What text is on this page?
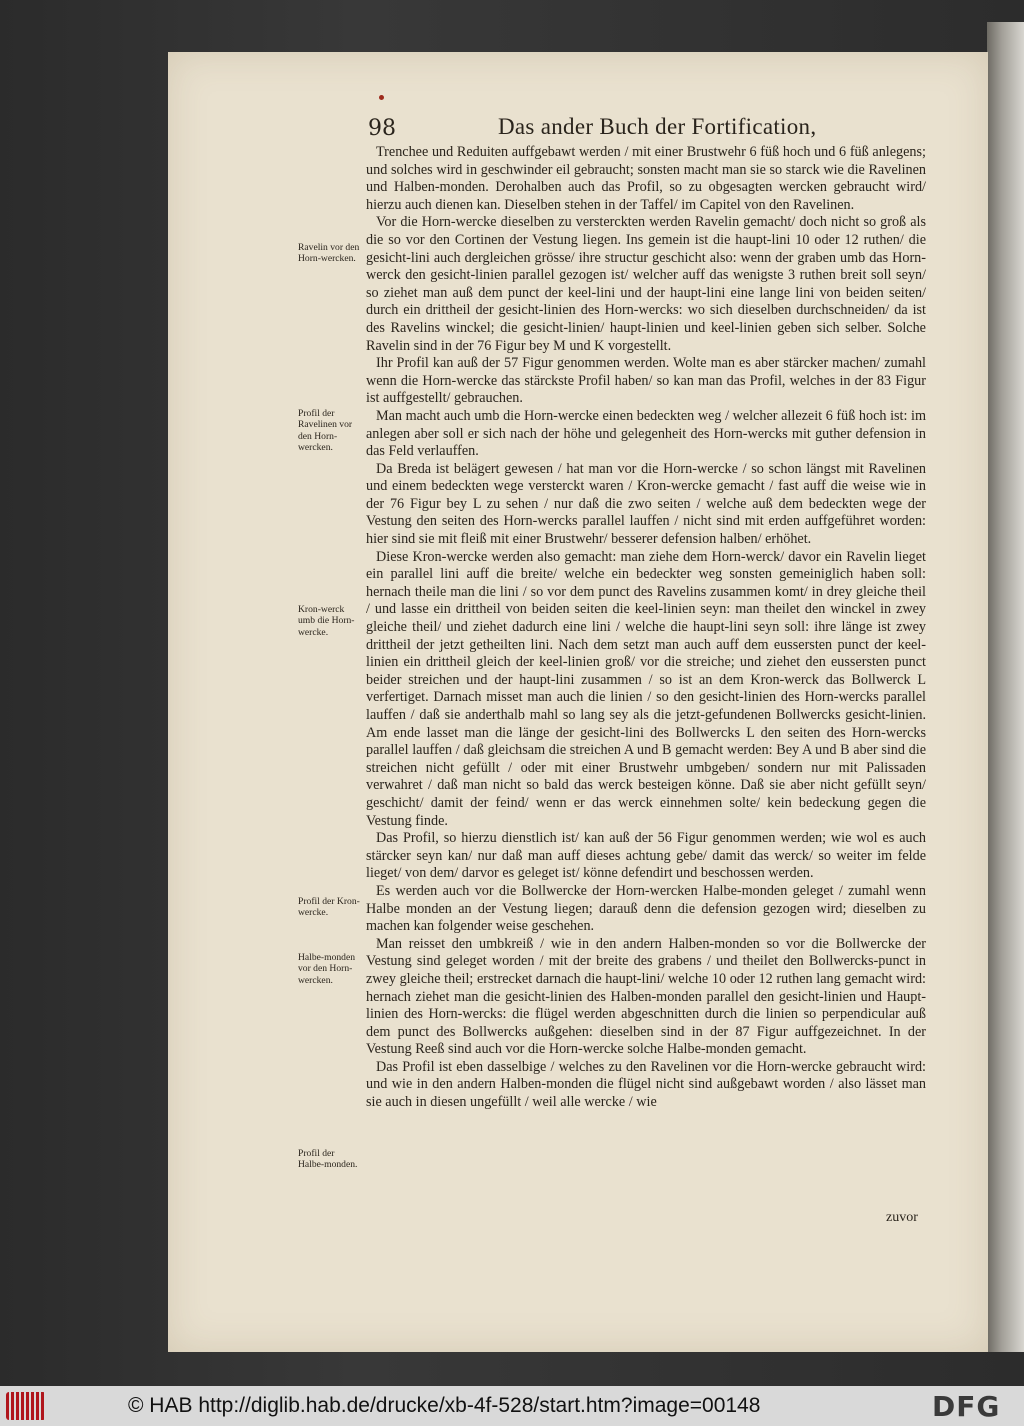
98	Das ander Buch der Fortification,

Trenchee und Reduiten auffgebawt werden / mit einer Brustwehr 6 füß hoch und 6 füß anlegens; und solches wird in geschwinder eil gebraucht; sonsten macht man sie so starck wie die Ravelinen und Halben-monden. Derohalben auch das Profil, so zu obgesagten wercken gebraucht wird/ hierzu auch dienen kan. Dieselben stehen in der Taffel/ im Capitel von den Ravelinen.

Vor die Horn-wercke dieselben zu versterckten werden Ravelin gemacht/ doch nicht so groß als die so vor den Cortinen der Vestung liegen. Ins gemein ist die haupt-lini 10 oder 12 ruthen/ die gesicht-lini auch dergleichen grösse/ ihre structur geschicht also: wenn der graben umb das Horn-werck den gesicht-linien parallel gezogen ist/ welcher auff das wenigste 3 ruthen breit soll seyn/ so ziehet man auß dem punct der keel-lini und der haupt-lini eine lange lini von beiden seiten/ durch ein drittheil der gesicht-linien des Horn-wercks: wo sich dieselben durchschneiden/ da ist des Ravelins winckel; die gesicht-linien/ haupt-linien und keel-linien geben sich selber. Solche Ravelin sind in der 76 Figur bey M und K vorgestellt.

Ihr Profil kan auß der 57 Figur genommen werden. Wolte man es aber stärcker machen/ zumahl wenn die Horn-wercke das stärckste Profil haben/ so kan man das Profil, welches in der 83 Figur ist auffgestellt/ gebrauchen.

Man macht auch umb die Horn-wercke einen bedeckten weg / welcher allezeit 6 füß hoch ist: im anlegen aber soll er sich nach der höhe und gelegenheit des Horn-wercks mit guther defension in das Feld verlauffen.

Da Breda ist belägert gewesen / hat man vor die Horn-wercke / so schon längst mit Ravelinen und einem bedeckten wege versterckt waren / Kron-wercke gemacht / fast auff die weise wie in der 76 Figur bey L zu sehen / nur daß die zwo seiten / welche auß dem bedeckten wege der Vestung den seiten des Horn-wercks parallel lauffen / nicht sind mit erden auffgeführet worden: hier sind sie mit fleiß mit einer Brustwehr/ besserer defension halben/ erhöhet.

Diese Kron-wercke werden also gemacht: man ziehe dem Horn-werck/ davor ein Ravelin lieget ein parallel lini auff die breite/ welche ein bedeckter weg sonsten gemeiniglich haben soll: hernach theile man die lini / so vor dem punct des Ravelins zusammen komt/ in drey gleiche theil / und lasse ein drittheil von beiden seiten die keel-linien seyn: man theilet den winckel in zwey gleiche theil/ und ziehet dadurch eine lini / welche die haupt-lini seyn soll: ihre länge ist zwey drittheil der jetzt getheilten lini. Nach dem setzt man auch auff dem eussersten punct der keel-linien ein drittheil gleich der keel-linien groß/ vor die streiche; und ziehet den eussersten punct beider streichen und der haupt-lini zusammen / so ist an dem Kron-werck das Bollwerck L verfertiget. Darnach misset man auch die linien / so den gesicht-linien des Horn-wercks parallel lauffen / daß sie anderthalb mahl so lang sey als die jetzt-gefundenen Bollwercks gesicht-linien. Am ende lasset man die länge der gesicht-lini des Bollwercks L den seiten des Horn-wercks parallel lauffen / daß gleichsam die streichen A und B gemacht werden: Bey A und B aber sind die streichen nicht gefüllt / oder mit einer Brustwehr umbgeben/ sondern nur mit Palissaden verwahret / daß man nicht so bald das werck besteigen könne. Daß sie aber nicht gefüllt seyn/ geschicht/ damit der feind/ wenn er das werck einnehmen solte/ kein bedeckung gegen die Vestung finde.

Das Profil, so hierzu dienstlich ist/ kan auß der 56 Figur genommen werden; wie wol es auch stärcker seyn kan/ nur daß man auff dieses achtung gebe/ damit das werck/ so weiter im felde lieget/ von dem/ darvor es geleget ist/ könne defendirt und beschossen werden.

Es werden auch vor die Bollwercke der Horn-wercken Halbe-monden geleget / zumahl wenn Halbe monden an der Vestung liegen; darauß denn die defension gezogen wird; dieselben zu machen kan folgender weise geschehen.

Man reisset den umbkreiß / wie in den andern Halben-monden so vor die Bollwercke der Vestung sind geleget worden / mit der breite des grabens / und theilet den Bollwercks-punct in zwey gleiche theil; erstrecket darnach die haupt-lini/ welche 10 oder 12 ruthen lang gemacht wird: hernach ziehet man die gesicht-linien des Halben-monden parallel den gesicht-linien und Haupt-linien des Horn-wercks: die flügel werden abgeschnitten durch die linien so perpendicular auß dem punct des Bollwercks außgehen: dieselben sind in der 87 Figur auffgezeichnet. In der Vestung Reeß sind auch vor die Horn-wercke solche Halbe-monden gemacht.

Das Profil ist eben dasselbige / welches zu den Ravelinen vor die Horn-wercke gebraucht wird: und wie in den andern Halben-monden die flügel nicht sind außgebawt worden / also lässet man sie auch in diesen ungefüllt / weil alle wercke / wie

Ravelin vor den Horn-wercken.
Profil der Ravelinen vor den Horn-wercken.
Kron-werck umb die Horn-wercke.
Profil der Kron-wercke.
Halbe-monden vor den Horn-wercken.
Profil der Halbe-monden.
zuvor
© HAB http://diglib.hab.de/drucke/xb-4f-528/start.htm?image=00148	DFG
